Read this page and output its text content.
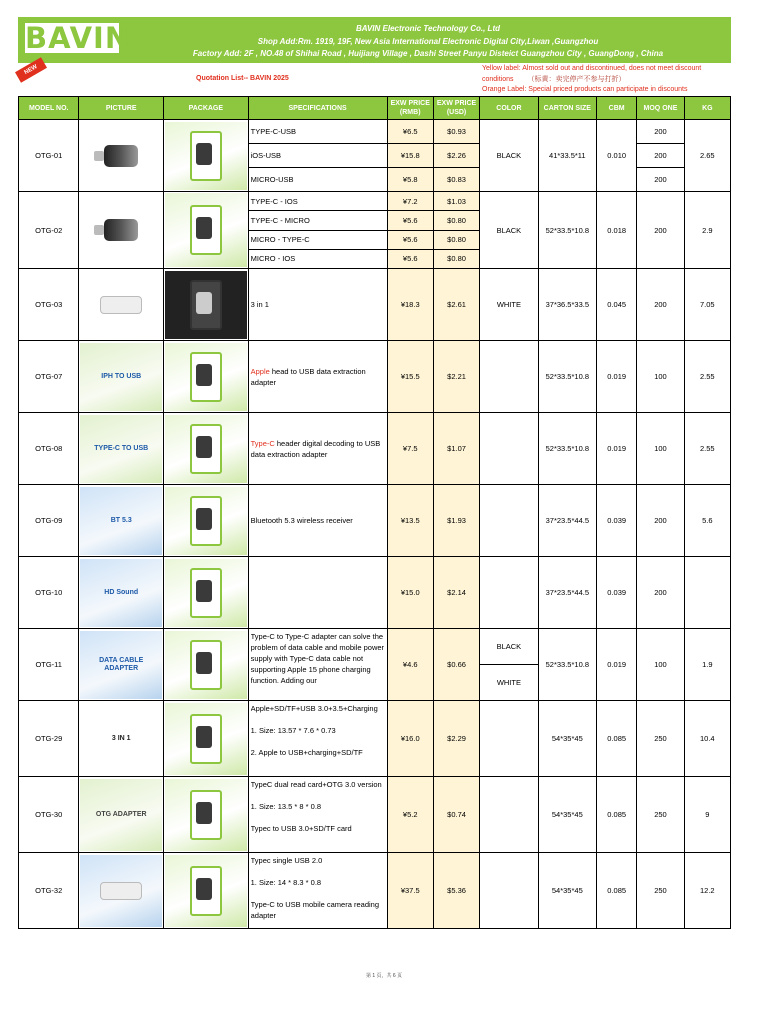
BAVIN	BAVIN Electronic Technology Co., Ltd
Shop Add:Rm. 1919, 19F, New Asia International Electronic Digital City,Liwan ,Guangzhou
Factory Add: 2F , NO.48 of Shihai Road , Huijiang Village , Dashi Street Panyu Disteict Guangzhou City , GuangDong , China
NEW
Quotation List-- BAVIN 2025
Yellow label: Almost sold out and discontinued, does not meet discount conditions （标黄：卖完停产不参与打折）
Orange Label: Special priced products can participate in discounts
MODEL NO.	PICTURE	PACKAGE	SPECIFICATIONS	EXW PRICE (RMB)	EXW PRICE (USD)	COLOR	CARTON SIZE	CBM	MOQ ONE	KG
OTG-01			TYPE-C-USB	¥6.5	$0.93	BLACK	41*33.5*11	0.010	200	2.65
			iOS-USB	¥15.8	$2.26				200	
			MICRO-USB	¥5.8	$0.83				200	
OTG-02			TYPE-C - IOS	¥7.2	$1.03	BLACK	52*33.5*10.8	0.018	200	2.9
			TYPE-C - MICRO	¥5.6	$0.80					
			MICRO - TYPE-C	¥5.6	$0.80					
			MICRO - IOS	¥5.6	$0.80					
OTG-03			3 in 1	¥18.3	$2.61	WHITE	37*36.5*33.5	0.045	200	7.05
OTG-07	IPH TO USB		Apple head to USB data extraction adapter	¥15.5	$2.21		52*33.5*10.8	0.019	100	2.55
OTG-08	TYPE-C TO USB		Type-C header digital decoding to USB data extraction adapter	¥7.5	$1.07		52*33.5*10.8	0.019	100	2.55
OTG-09	BT 5.3		Bluetooth 5.3 wireless receiver	¥13.5	$1.93		37*23.5*44.5	0.039	200	5.6
OTG-10	HD Sound			¥15.0	$2.14		37*23.5*44.5	0.039	200	
OTG-11	DATA CABLE ADAPTER		Type-C to Type-C adapter can solve the problem of data cable and mobile power supply with Type-C data cable not supporting Apple 15 phone charging function. Adding our	¥4.6	$0.66	BLACK	52*33.5*10.8	0.019	100	1.9
						WHITE				
OTG-29	3 IN 1		Apple+SD/TF+USB 3.0+3.5+Charging

1. Size: 13.57 * 7.6 * 0.73

2. Apple to USB+charging+SD/TF	¥16.0	$2.29		54*35*45	0.085	250	10.4
OTG-30	OTG ADAPTER		TypeC dual read card+OTG 3.0 version

1. Size: 13.5 * 8 * 0.8

Typec to USB 3.0+SD/TF card	¥5.2	$0.74		54*35*45	0.085	250	9
OTG-32			Typec single USB 2.0

1. Size: 14 * 8.3 * 0.8

Type-C to USB mobile camera reading adapter	¥37.5	$5.36		54*35*45	0.085	250	12.2
第 1 页，共 6 页
